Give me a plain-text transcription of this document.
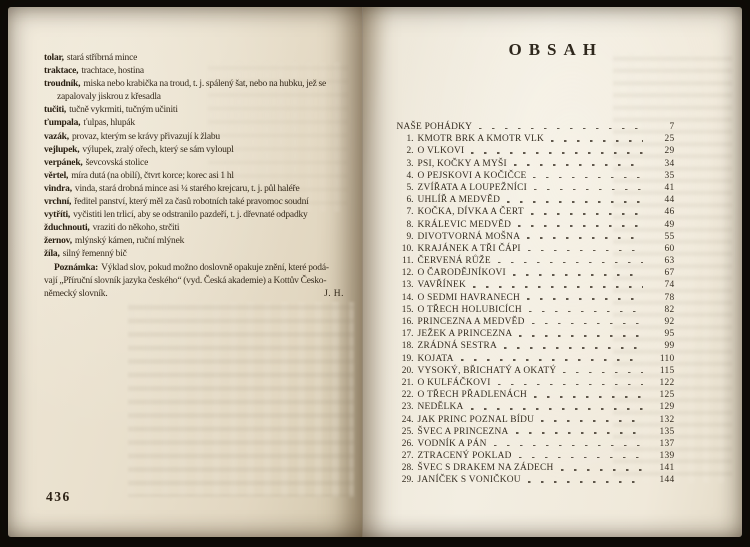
tolar, stará stříbrná mince
traktace, trachtace, hostina
troudník, miska nebo krabička na troud, t. j. spálený šat, nebo na hubku, jež se
zapalovaly jiskrou z křesadla
tučiti, tučně vykrmiti, tučným učiniti
ťumpala, ťulpas, hlupák
vazák, provaz, kterým se krávy přivazují k žlabu
vejlupek, výlupek, zralý ořech, který se sám vyloupl
verpánek, ševcovská stolice
věrtel, míra dutá (na obilí), čtvrt korce; korec asi 1 hl
vindra, vinda, stará drobná mince asi ¼ starého krejcaru, t. j. půl haléře
vrchní, ředitel panství, který měl za časů robotních také pravomoc soudní
vytříti, vyčistiti len trlicí, aby se odstranilo pazdeří, t. j. dřevnaté odpadky
žduchnouti, vraziti do někoho, strčiti
žernov, mlýnský kámen, ruční mlýnek
žíla, silný řemenný bič
Poznámka: Výklad slov, pokud možno doslovně opakuje znění, které podá-
vají „Příruční slovník jazyka českého“ (vyd. Česká akademie) a Kottův Česko-
německý slovník.	J. H.
436
OBSAH
NAŠE POHÁDKY	7
1. KMOTR BRK A KMOTR VLK	25
2. O VLKOVI	29
3. PSI, KOČKY A MYŠI	34
4. O PEJSKOVI A KOČIČCE	35
5. ZVÍŘATA A LOUPEŽNÍCI	41
6. UHLÍŘ A MEDVĚD	44
7. KOČKA, DÍVKA A ČERT	46
8. KRÁLEVIC MEDVĚD	49
9. DIVOTVORNÁ MOŠNA	55
10. KRAJÁNEK A TŘI ČÁPI	60
11. ČERVENÁ RŮŽE	63
12. O ČARODĚJNÍKOVI	67
13. VAVŘÍNEK	74
14. O SEDMI HAVRANECH	78
15. O TŘECH HOLUBICÍCH	82
16. PRINCEZNA A MEDVĚD	92
17. JEŽEK A PRINCEZNA	95
18. ZRÁDNÁ SESTRA	99
19. KOJATA	110
20. VYSOKÝ, BŘICHATÝ A OKATÝ	115
21. O KULFÁČKOVI	122
22. O TŘECH PŘADLENÁCH	125
23. NEDĚLKA	129
24. JAK PRINC POZNAL BÍDU	132
25. ŠVEC A PRINCEZNA	135
26. VODNÍK A PÁN	137
27. ZTRACENÝ POKLAD	139
28. ŠVEC S DRAKEM NA ZÁDECH	141
29. JANÍČEK S VONIČKOU	144
